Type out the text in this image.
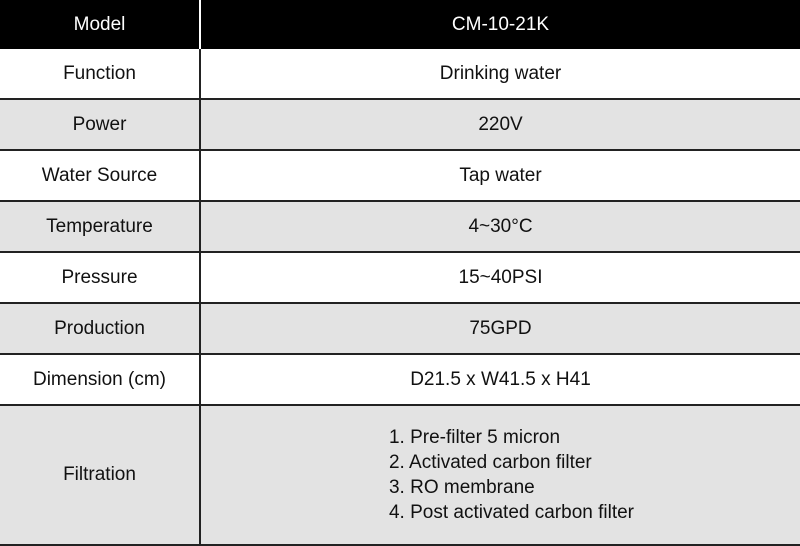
Model	CM-10-21K
Function	Drinking water
Power	220V
Water Source	Tap water
Temperature	4~30°C
Pressure	15~40PSI
Production	75GPD
Dimension (cm)	D21.5 x W41.5 x H41
Filtration	1. Pre-filter 5 micron
2. Activated carbon filter
3. RO membrane
4. Post activated carbon filter
